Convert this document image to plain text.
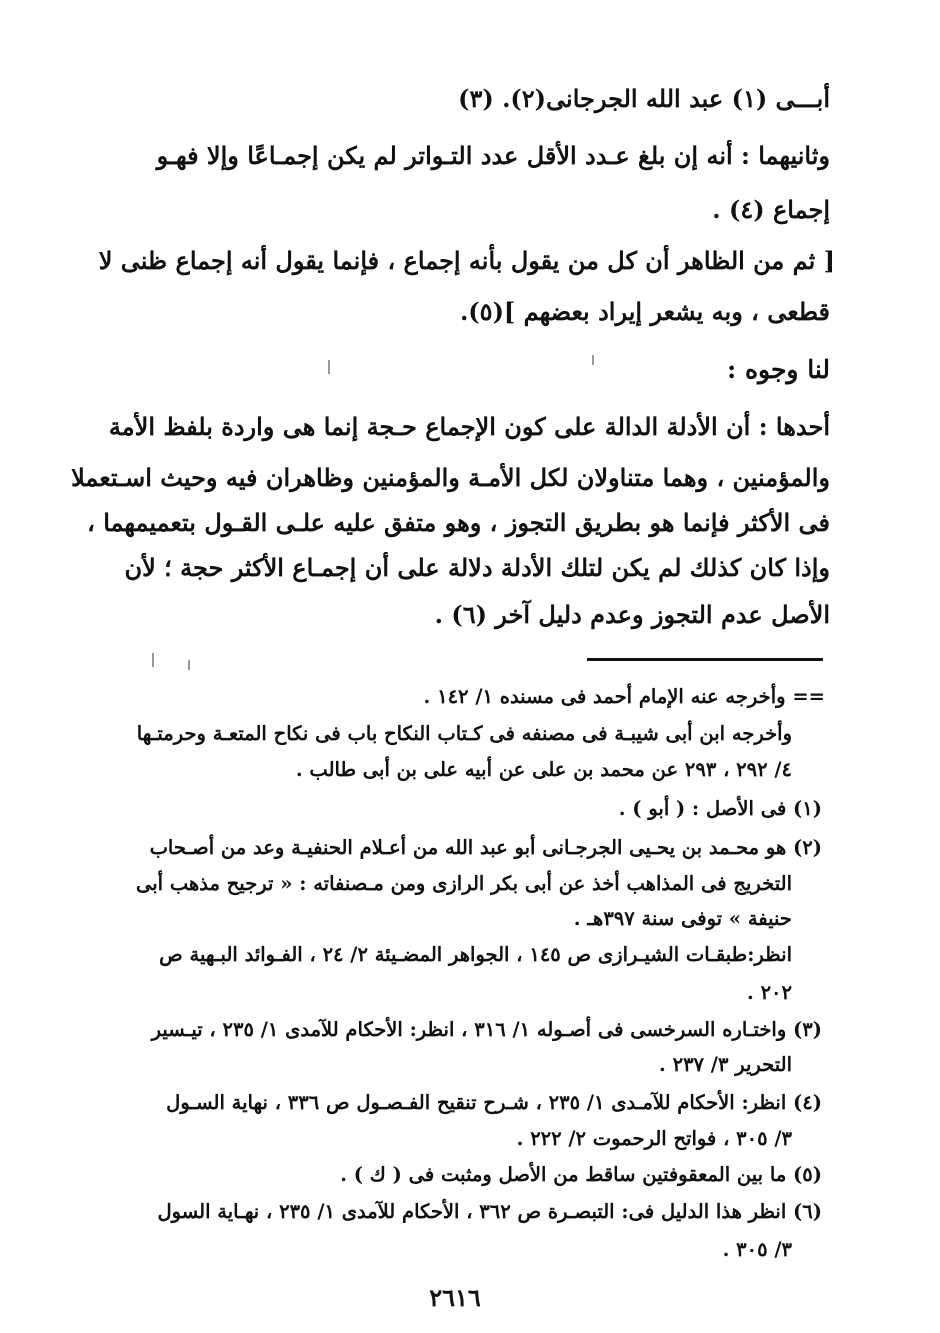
أبـــى (١) عبد الله الجرجانى(٢). (٣)
وثانيهما : أنه إن بلغ عـدد الأقل عدد التـواتر لم يكن إجمـاعًا وإلا فهـو
إجماع (٤) .
[ ثم من الظاهر أن كل من يقول بأنه إجماع ، فإنما يقول أنه إجماع ظنى لا
قطعى ، وبه يشعر إيراد بعضهم ](٥).
لنا وجوه :
أحدها : أن الأدلة الدالة على كون الإجماع حـجة إنما هى واردة بلفظ الأمة
والمؤمنين ، وهما متناولان لكل الأمـة والمؤمنين وظاهران فيه وحيث اسـتعملا
فى الأكثر فإنما هو بطريق التجوز ، وهو متفق عليه علـى القـول بتعميمهما ،
وإذا كان كذلك لم يكن لتلك الأدلة دلالة على أن إجمـاع الأكثر حجة ؛ لأن
الأصل عدم التجوز وعدم دليل آخر (٦) .
== وأخرجه عنه الإمام أحمد فى مسنده ١/ ١٤٢ .
وأخرجه ابن أبى شيبـة فى مصنفه فى كـتاب النكاح باب فى نكاح المتعـة وحرمتـها
٤/ ٢٩٢ ، ٢٩٣ عن محمد بن على عن أبيه على بن أبى طالب .
(١) فى الأصل : ( أبو ) .
(٢) هو محـمد بن يحـيى الجرجـانى أبو عبد الله من أعـلام الحنفيـة وعد من أصـحاب
التخريج فى المذاهب أخذ عن أبى بكر الرازى ومن مـصنفاته : « ترجيح مذهب أبى
حنيفة » توفى سنة ٣٩٧هـ .
انظر:طبقـات الشيـرازى ص ١٤٥ ، الجواهر المضـيئة ٢/ ٢٤ ، الفـوائد البـهية ص
٢٠٢ .
(٣) واختـاره السرخسى فى أصـوله ١/ ٣١٦ ، انظر: الأحكام للآمدى ١/ ٢٣٥ ، تيـسير
التحرير ٣/ ٢٣٧ .
(٤) انظر: الأحكام للآمـدى ١/ ٢٣٥ ، شـرح تنقيح الفـصـول ص ٣٣٦ ، نهاية السـول
٣/ ٣٠٥ ، فواتح الرحموت ٢/ ٢٢٢ .
(٥) ما بين المعقوفتين ساقط من الأصل ومثبت فى ( ك ) .
(٦) انظر هذا الدليل فى: التبصـرة ص ٣٦٢ ، الأحكام للآمدى ١/ ٢٣٥ ، نهـاية السول
٣/ ٣٠٥ .
٢٦١٦
